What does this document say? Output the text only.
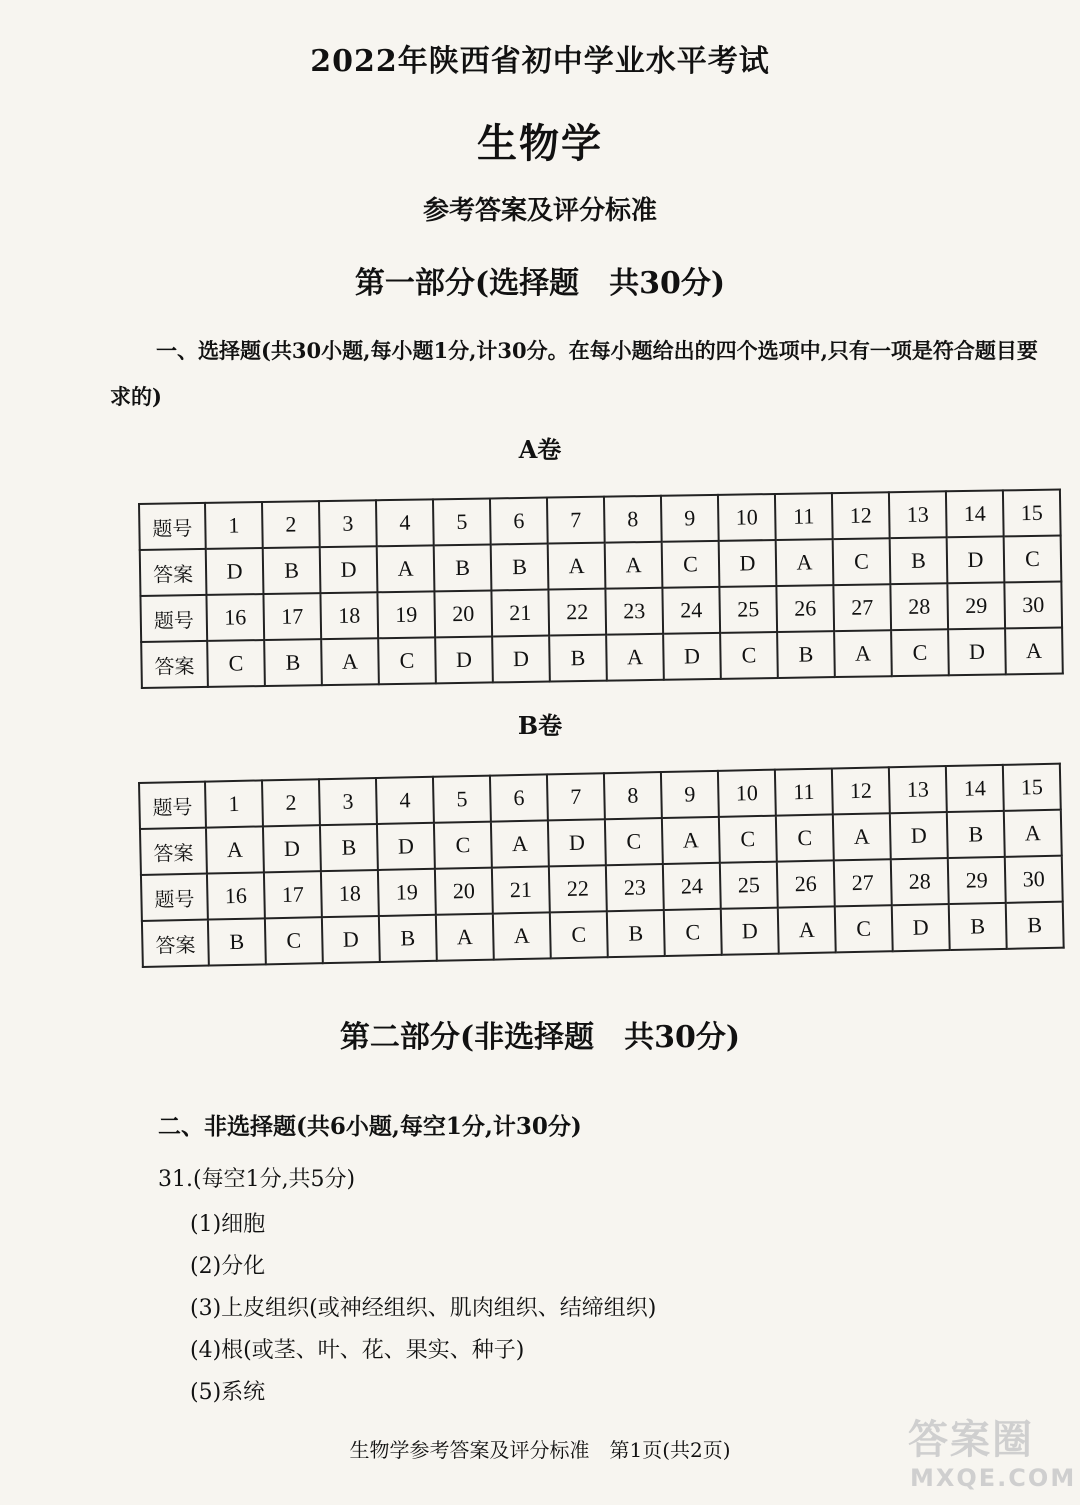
2022年陕西省初中学业水平考试
生物学
参考答案及评分标准
第一部分(选择题　共30分)
一、选择题(共30小题,每小题1分,计30分。在每小题给出的四个选项中,只有一项是符合题目要求的)
A卷
题号	1	2	3	4	5	6	7	8	9	10	11	12	13	14	15
答案	D	B	D	A	B	B	A	A	C	D	A	C	B	D	C
题号	16	17	18	19	20	21	22	23	24	25	26	27	28	29	30
答案	C	B	A	C	D	D	B	A	D	C	B	A	C	D	A
B卷
题号	1	2	3	4	5	6	7	8	9	10	11	12	13	14	15
答案	A	D	B	D	C	A	D	C	A	C	C	A	D	B	A
题号	16	17	18	19	20	21	22	23	24	25	26	27	28	29	30
答案	B	C	D	B	A	A	C	B	C	D	A	C	D	B	B
第二部分(非选择题　共30分)
二、非选择题(共6小题,每空1分,计30分)
31.(每空1分,共5分)
(1)细胞
(2)分化
(3)上皮组织(或神经组织、肌肉组织、结缔组织)
(4)根(或茎、叶、花、果实、种子)
(5)系统
生物学参考答案及评分标准　第1页(共2页)	答案圈
MXQE.COM
